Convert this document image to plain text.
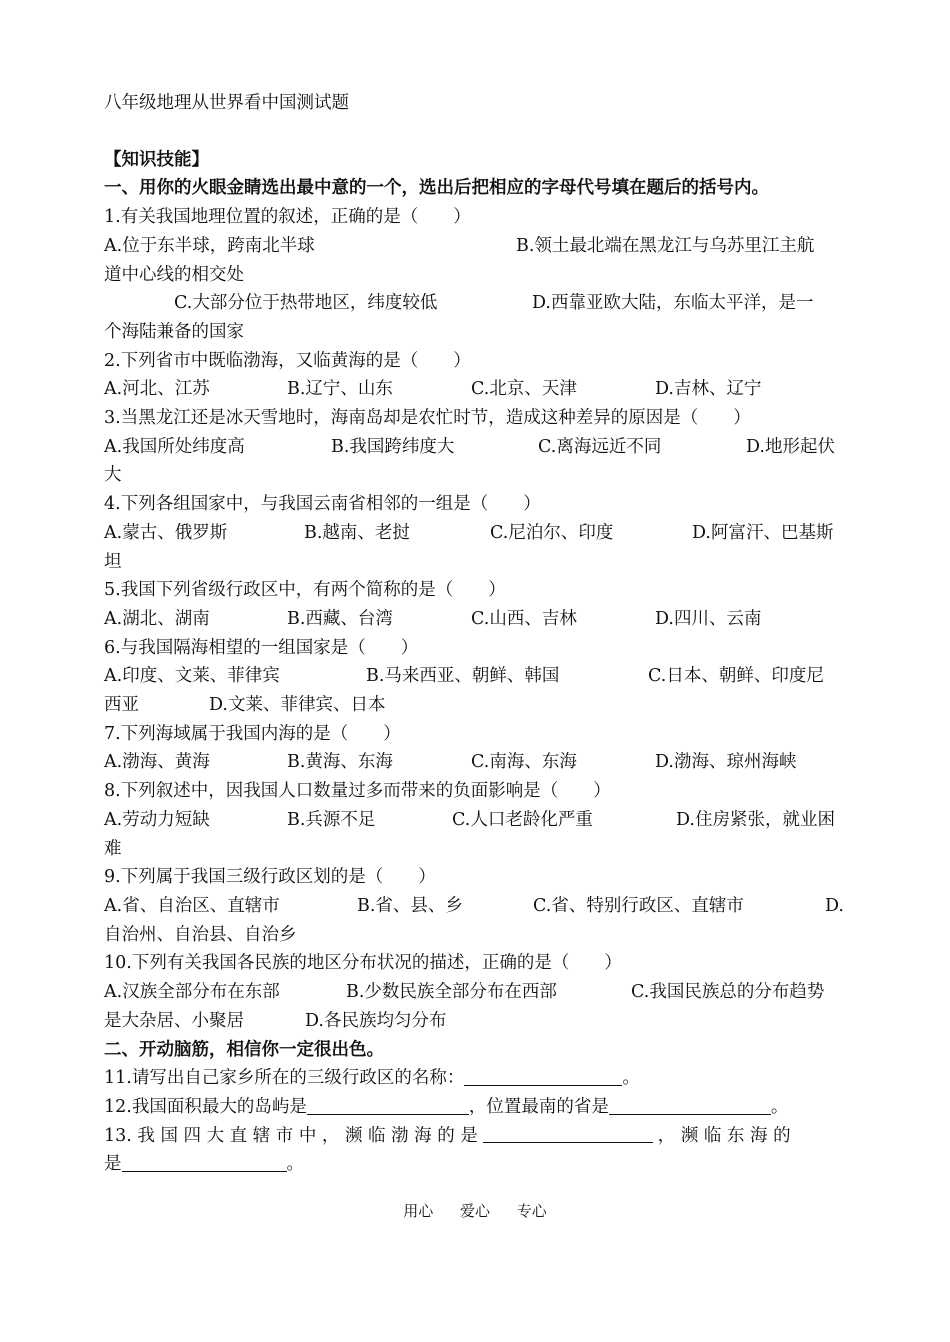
八年级地理从世界看中国测试题
【知识技能】
一、用你的火眼金睛选出最中意的一个，选出后把相应的字母代号填在题后的括号内。
1.有关我国地理位置的叙述，正确的是（　　）
A.位于东半球，跨南北半球	B.领土最北端在黑龙江与乌苏里江主航
道中心线的相交处
C.大部分位于热带地区，纬度较低	D.西靠亚欧大陆，东临太平洋，是一
个海陆兼备的国家
2.下列省市中既临渤海，又临黄海的是（　　）
A.河北、江苏	B.辽宁、山东	C.北京、天津	D.吉林、辽宁
3.当黑龙江还是冰天雪地时，海南岛却是农忙时节，造成这种差异的原因是（　　）
A.我国所处纬度高	B.我国跨纬度大	C.离海远近不同	D.地形起伏
大
4.下列各组国家中，与我国云南省相邻的一组是（　　）
A.蒙古、俄罗斯	B.越南、老挝	C.尼泊尔、印度	D.阿富汗、巴基斯
坦
5.我国下列省级行政区中，有两个简称的是（　　）
A.湖北、湖南	B.西藏、台湾	C.山西、吉林	D.四川、云南
6.与我国隔海相望的一组国家是（　　）
A.印度、文莱、菲律宾	B.马来西亚、朝鲜、韩国	C.日本、朝鲜、印度尼
西亚	D.文莱、菲律宾、日本
7.下列海域属于我国内海的是（　　）
A.渤海、黄海	B.黄海、东海	C.南海、东海	D.渤海、琼州海峡
8.下列叙述中，因我国人口数量过多而带来的负面影响是（　　）
A.劳动力短缺	B.兵源不足	C.人口老龄化严重	D.住房紧张，就业困
难
9.下列属于我国三级行政区划的是（　　）
A.省、自治区、直辖市	B.省、县、乡	C.省、特别行政区、直辖市	D.
自治州、自治县、自治乡
10.下列有关我国各民族的地区分布状况的描述，正确的是（　　）
A.汉族全部分布在东部	B.少数民族全部分布在西部	C.我国民族总的分布趋势
是大杂居、小聚居	D.各民族均匀分布
二、开动脑筋，相信你一定很出色。
11.请写出自己家乡所在的三级行政区的名称：	。
12.我国面积最大的岛屿是	，位置最南的省是	。
13. 我 国 四 大 直 辖 市 中 ， 濒 临 渤 海 的 是	， 濒 临 东 海 的
是	。
用心 爱心 专心
